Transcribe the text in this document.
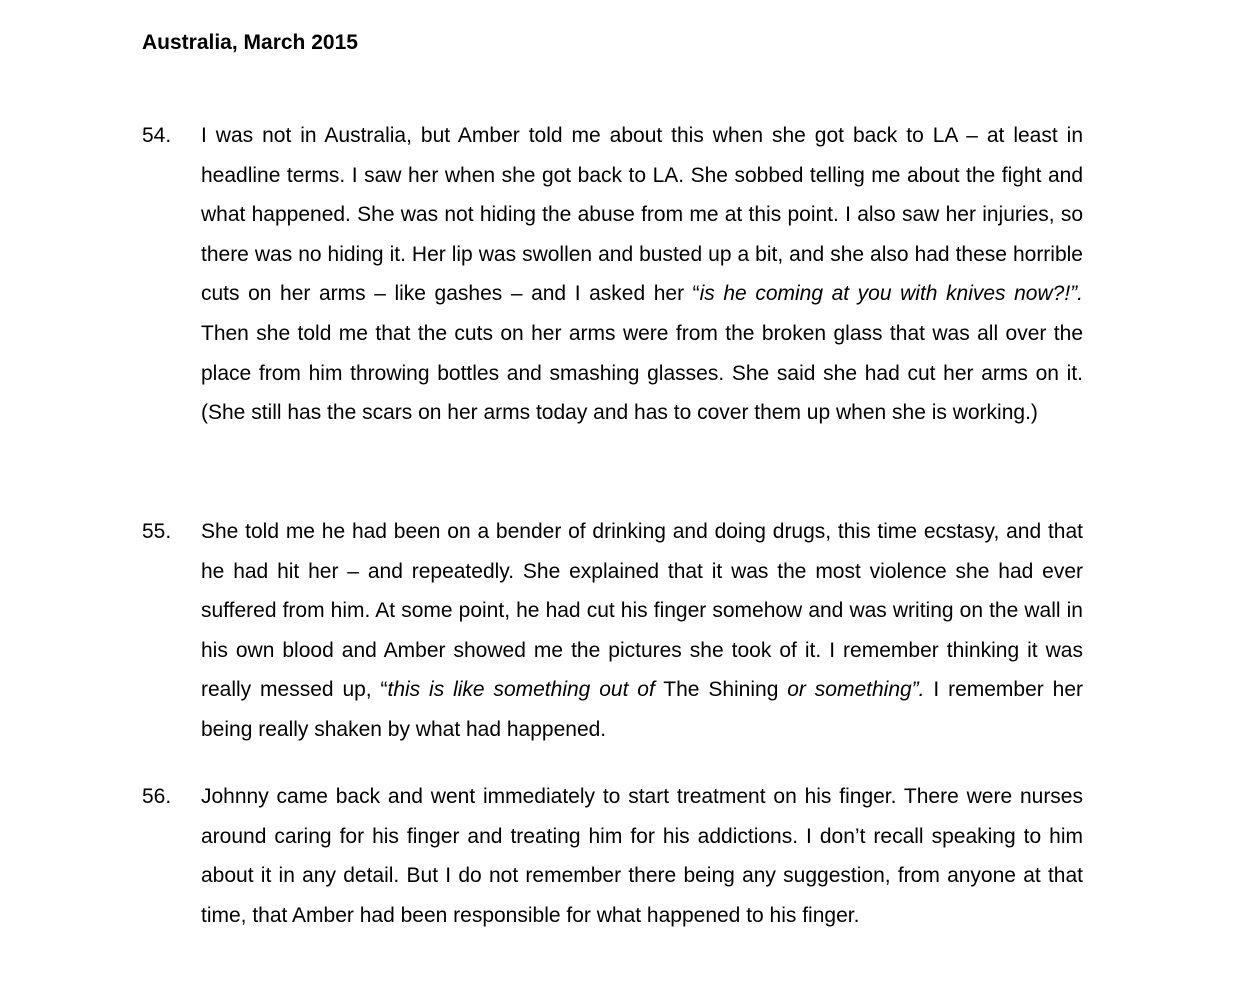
Australia, March 2015
54. I was not in Australia, but Amber told me about this when she got back to LA – at least in headline terms. I saw her when she got back to LA. She sobbed telling me about the fight and what happened. She was not hiding the abuse from me at this point. I also saw her injuries, so there was no hiding it. Her lip was swollen and busted up a bit, and she also had these horrible cuts on her arms – like gashes – and I asked her “is he coming at you with knives now?!”. Then she told me that the cuts on her arms were from the broken glass that was all over the place from him throwing bottles and smashing glasses. She said she had cut her arms on it. (She still has the scars on her arms today and has to cover them up when she is working.)
55. She told me he had been on a bender of drinking and doing drugs, this time ecstasy, and that he had hit her – and repeatedly. She explained that it was the most violence she had ever suffered from him. At some point, he had cut his finger somehow and was writing on the wall in his own blood and Amber showed me the pictures she took of it. I remember thinking it was really messed up, “this is like something out of The Shining or something”. I remember her being really shaken by what had happened.
56. Johnny came back and went immediately to start treatment on his finger. There were nurses around caring for his finger and treating him for his addictions. I don’t recall speaking to him about it in any detail. But I do not remember there being any suggestion, from anyone at that time, that Amber had been responsible for what happened to his finger.
